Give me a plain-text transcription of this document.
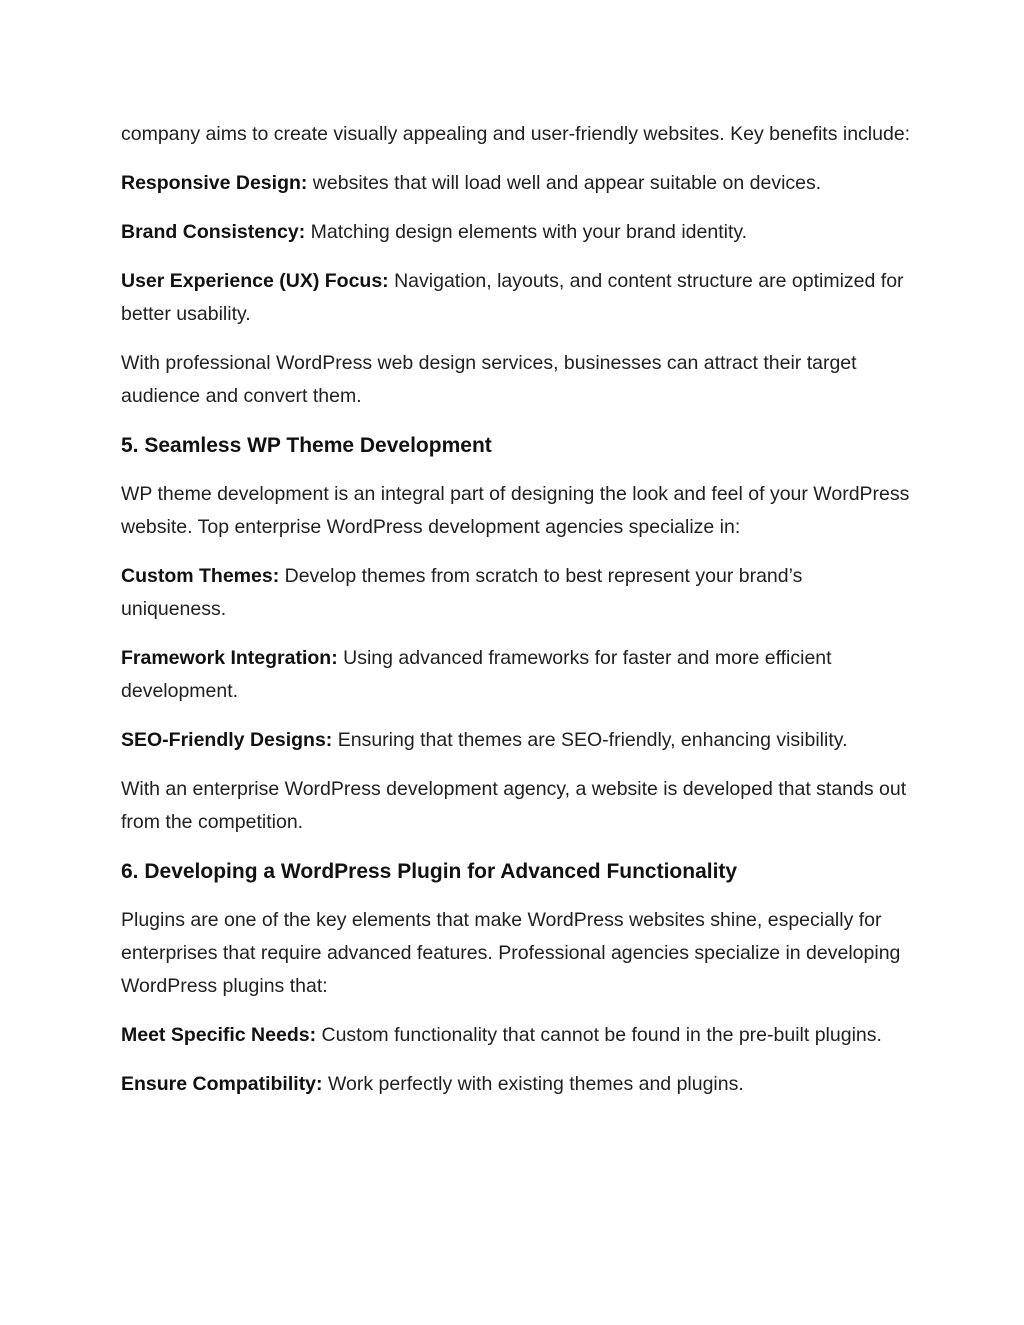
company aims to create visually appealing and user-friendly websites. Key benefits include:

Responsive Design: websites that will load well and appear suitable on devices.

Brand Consistency: Matching design elements with your brand identity.

User Experience (UX) Focus: Navigation, layouts, and content structure are optimized for better usability.

With professional WordPress web design services, businesses can attract their target audience and convert them.

5. Seamless WP Theme Development

WP theme development is an integral part of designing the look and feel of your WordPress website. Top enterprise WordPress development agencies specialize in:

Custom Themes: Develop themes from scratch to best represent your brand’s uniqueness.

Framework Integration: Using advanced frameworks for faster and more efficient development.

SEO-Friendly Designs: Ensuring that themes are SEO-friendly, enhancing visibility.

With an enterprise WordPress development agency, a website is developed that stands out from the competition.

6. Developing a WordPress Plugin for Advanced Functionality

Plugins are one of the key elements that make WordPress websites shine, especially for enterprises that require advanced features. Professional agencies specialize in developing WordPress plugins that:

Meet Specific Needs: Custom functionality that cannot be found in the pre-built plugins.

Ensure Compatibility: Work perfectly with existing themes and plugins.
